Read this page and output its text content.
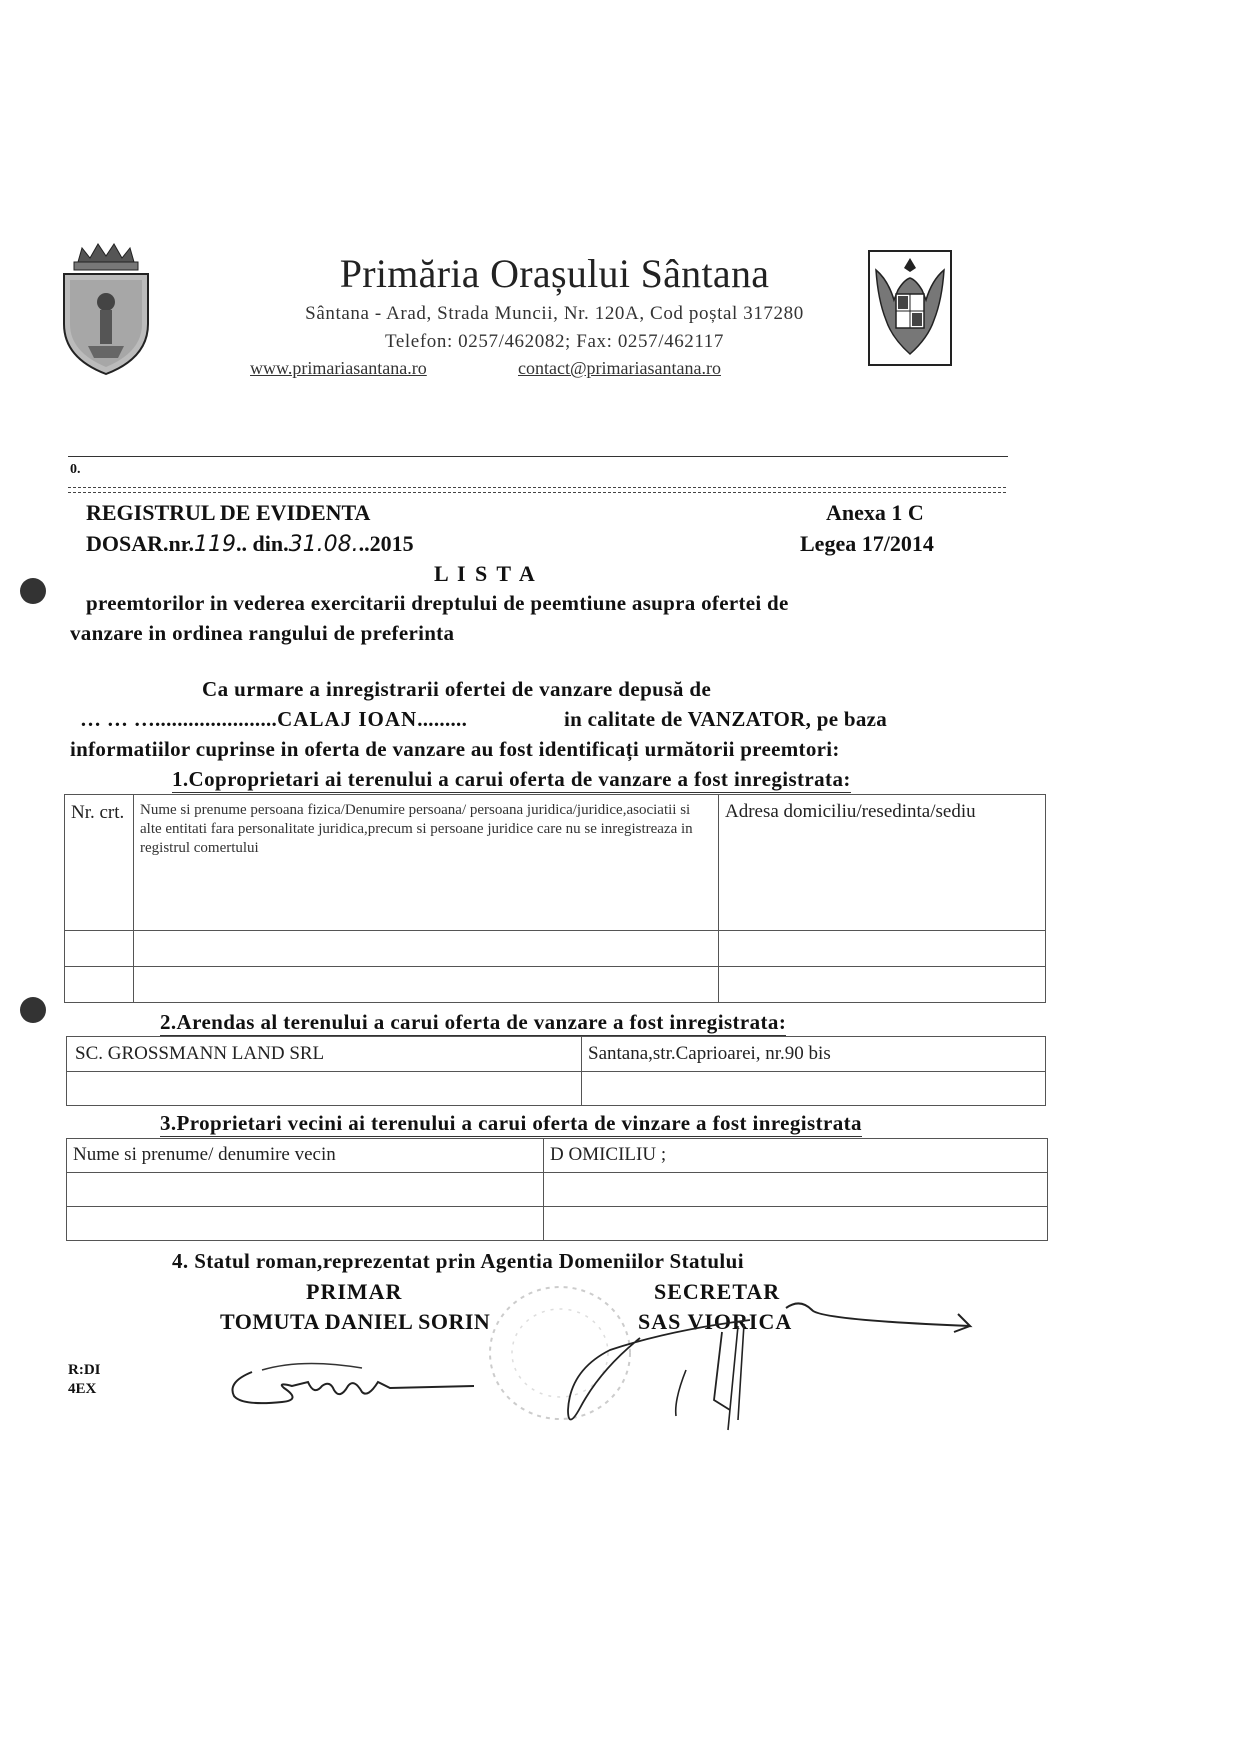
Primăria Orașului Sântana
Sântana - Arad, Strada Muncii, Nr. 120A, Cod poștal 317280
Telefon: 0257/462082; Fax: 0257/462117
www.primariasantana.ro	contact@primariasantana.ro
0.
REGISTRUL DE EVIDENTA
DOSAR.nr.119.. din.31.08...2015
Anexa 1 C
Legea 17/2014
L I S T A
preemtorilor in vederea exercitarii dreptului de peemtiune asupra ofertei de
vanzare in ordinea rangului de preferinta
Ca urmare a inregistrarii ofertei de vanzare depusă de
… … …......................CALAJ IOAN.........	in calitate de VANZATOR, pe baza
informatiilor cuprinse in oferta de vanzare au fost identificați următorii preemtori:
1.Coproprietari ai terenului a carui oferta de vanzare a fost inregistrata:
Nr. crt.	Nume si prenume persoana fizica/Denumire persoana/ persoana juridica/juridice,asociatii si alte entitati fara personalitate juridica,precum si persoane juridice care nu se inregistreaza in registrul comertului	Adresa domiciliu/resedinta/sediu

2.Arendas al terenului a carui oferta de vanzare a fost inregistrata:
SC. GROSSMANN LAND SRL	Santana,str.Caprioarei, nr.90 bis

3.Proprietari vecini ai terenului a carui oferta de vinzare a fost inregistrata
Nume si prenume/ denumire vecin	D OMICILIU ;

4. Statul roman,reprezentat prin Agentia Domeniilor Statului
PRIMAR
TOMUTA DANIEL SORIN
SECRETAR
SAS VIORICA
R:DI
4EX
